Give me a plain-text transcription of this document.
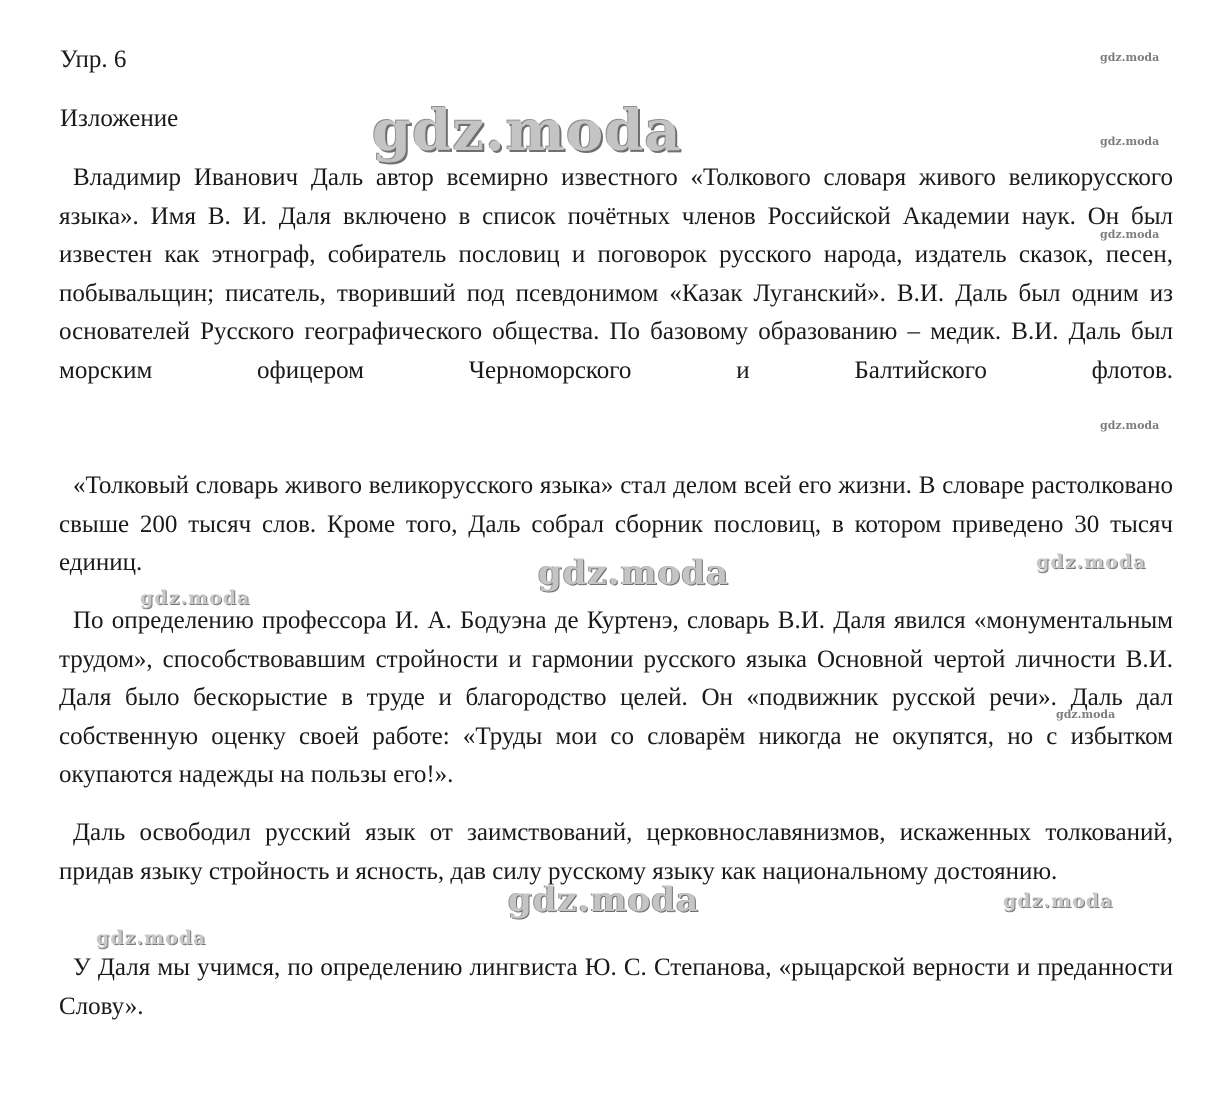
Упр. 6
Изложение

Владимир Иванович Даль автор всемирно известного «Толкового словаря живого великорусского языка». Имя В. И. Даля включено в список почётных членов Российской Академии наук. Он был известен как этнограф, собиратель пословиц и поговорок русского народа, издатель сказок, песен, побывальщин; писатель, творивший под псевдонимом «Казак Луганский». В.И. Даль был одним из основателей Русского географического общества. По базовому образованию – медик. В.И. Даль был морским офицером Черноморского и Балтийского флотов.

«Толковый словарь живого великорусского языка» стал делом всей его жизни. В словаре растолковано свыше 200 тысяч слов. Кроме того, Даль собрал сборник пословиц, в котором приведено 30 тысяч единиц.

По определению профессора И. А. Бодуэна де Куртенэ, словарь В.И. Даля явился «монументальным трудом», способствовавшим стройности и гармонии русского языка Основной чертой личности В.И. Даля было бескорыстие в труде и благородство целей. Он «подвижник русской речи». Даль дал собственную оценку своей работе: «Труды мои со словарём никогда не окупятся, но с избытком окупаются надежды на пользы его!».

Даль освободил русский язык от заимствований, церковнославянизмов, искаженных толкований, придав языку стройность и ясность, дав силу русскому языку как национальному достоянию.

У Даля мы учимся, по определению лингвиста Ю. С. Степанова, «рыцарской верности и преданности Слову».

gdz.moda
gdz.moda
gdz.moda
gdz.moda
gdz.moda
gdz.moda
gdz.moda
gdz.moda
gdz.moda
gdz.moda
gdz.moda
gdz.moda
